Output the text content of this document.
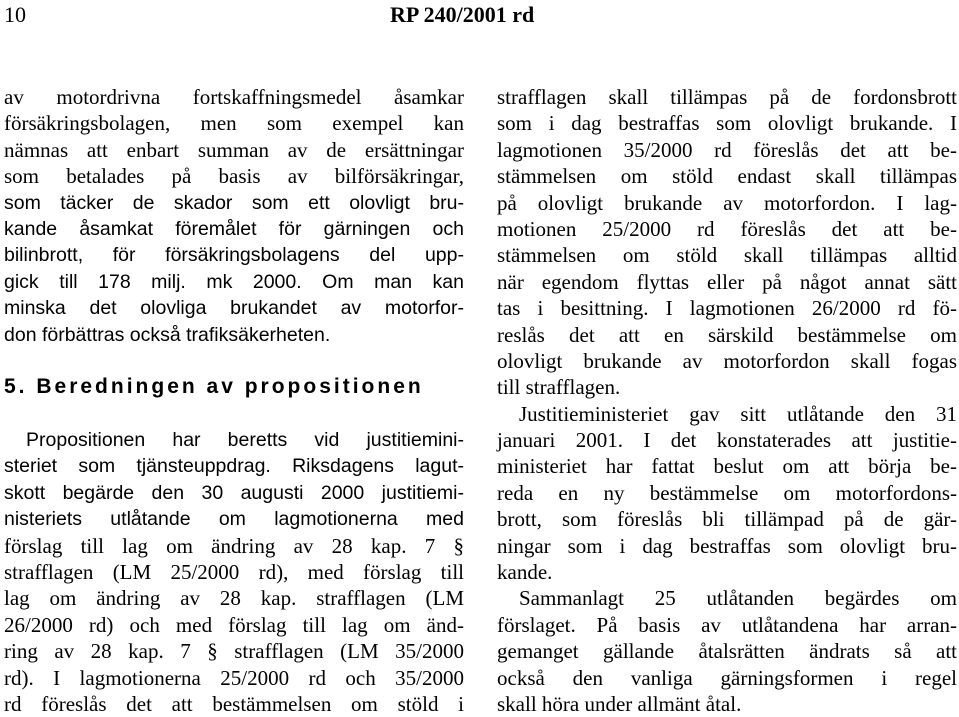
10	RP 240/2001 rd
av motordrivna fortskaffningsmedel åsamkar
försäkringsbolagen, men som exempel kan
nämnas att enbart summan av de ersättningar
som betalades på basis av bilförsäkringar,
som täcker de skador som ett olovligt bru-
kande åsamkat föremålet för gärningen och
bilinbrott, för försäkringsbolagens del upp-
gick till 178 milj. mk 2000. Om man kan
minska det olovliga brukandet av motorfor-
don förbättras också trafiksäkerheten.
5. Beredningen av propositionen
Propositionen har beretts vid justitiemini-
steriet som tjänsteuppdrag. Riksdagens lagut-
skott begärde den 30 augusti 2000 justitiemi-
nisteriets utlåtande om lagmotionerna med
förslag till lag om ändring av 28 kap. 7 §
strafflagen (LM 25/2000 rd), med förslag till
lag om ändring av 28 kap. strafflagen (LM
26/2000 rd) och med förslag till lag om änd-
ring av 28 kap. 7 § strafflagen (LM 35/2000
rd). I lagmotionerna 25/2000 rd och 35/2000
rd föreslås det att bestämmelsen om stöld i
strafflagen skall tillämpas på de fordonsbrott
som i dag bestraffas som olovligt brukande. I
lagmotionen 35/2000 rd föreslås det att be-
stämmelsen om stöld endast skall tillämpas
på olovligt brukande av motorfordon. I lag-
motionen 25/2000 rd föreslås det att be-
stämmelsen om stöld skall tillämpas alltid
när egendom flyttas eller på något annat sätt
tas i besittning. I lagmotionen 26/2000 rd fö-
reslås det att en särskild bestämmelse om
olovligt brukande av motorfordon skall fogas
till strafflagen.
Justitieministeriet gav sitt utlåtande den 31
januari 2001. I det konstaterades att justitie-
ministeriet har fattat beslut om att börja be-
reda en ny bestämmelse om motorfordons-
brott, som föreslås bli tillämpad på de gär-
ningar som i dag bestraffas som olovligt bru-
kande.
Sammanlagt 25 utlåtanden begärdes om
förslaget. På basis av utlåtandena har arran-
gemanget gällande åtalsrätten ändrats så att
också den vanliga gärningsformen i regel
skall höra under allmänt åtal.
